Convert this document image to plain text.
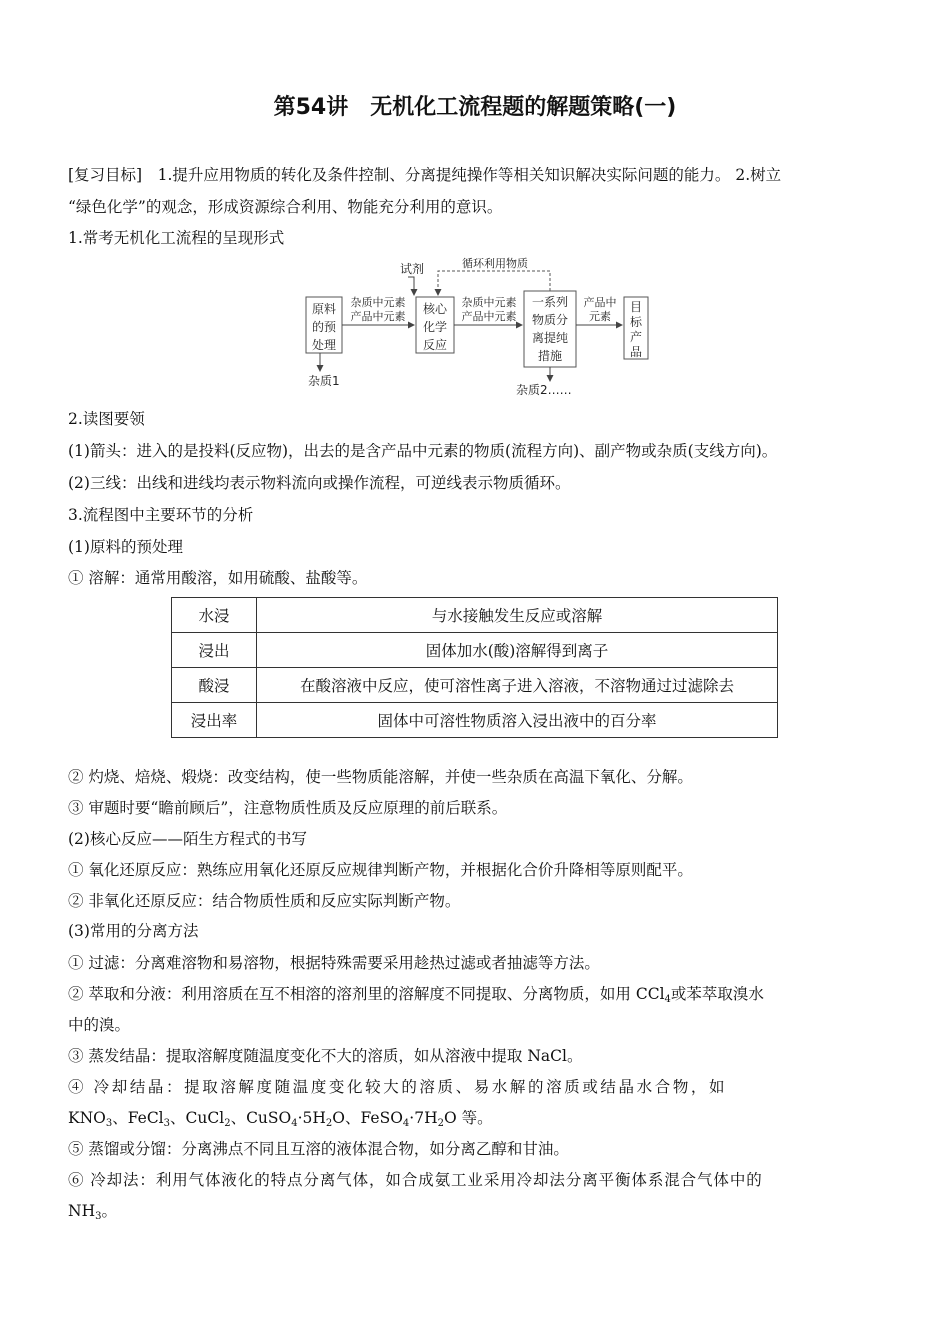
第54讲　无机化工流程题的解题策略(一)
[复习目标]　1.提升应用物质的转化及条件控制、分离提纯操作等相关知识解决实际问题的能力。 2.树立
“绿色化学”的观念，形成资源综合利用、物能充分利用的意识。
1.常考无机化工流程的呈现形式
原料
的预
处理
核心
化学
反应
一系列
物质分
离提纯
措施
目
标
产
品
杂质中元素
产品中元素
杂质中元素
产品中元素
产品中
元素
试剂	循环利用物质
杂质1
杂质2……
2.读图要领
(1)箭头：进入的是投料(反应物)，出去的是含产品中元素的物质(流程方向)、副产物或杂质(支线方向)。
(2)三线：出线和进线均表示物料流向或操作流程，可逆线表示物质循环。
3.流程图中主要环节的分析
(1)原料的预处理
① 溶解：通常用酸溶，如用硫酸、盐酸等。
水浸	与水接触发生反应或溶解
浸出	固体加水(酸)溶解得到离子
酸浸	在酸溶液中反应，使可溶性离子进入溶液，不溶物通过过滤除去
浸出率	固体中可溶性物质溶入浸出液中的百分率
② 灼烧、焙烧、煅烧：改变结构，使一些物质能溶解，并使一些杂质在高温下氧化、分解。
③ 审题时要“瞻前顾后”，注意物质性质及反应原理的前后联系。
(2)核心反应——陌生方程式的书写
① 氧化还原反应：熟练应用氧化还原反应规律判断产物，并根据化合价升降相等原则配平。
② 非氧化还原反应：结合物质性质和反应实际判断产物。
(3)常用的分离方法
① 过滤：分离难溶物和易溶物，根据特殊需要采用趁热过滤或者抽滤等方法。
② 萃取和分液：利用溶质在互不相溶的溶剂里的溶解度不同提取、分离物质，如用 CCl$_4$或苯萃取溴水
中的溴。
③ 蒸发结晶：提取溶解度随温度变化不大的溶质，如从溶液中提取 NaCl。
④ 冷却结晶：提取溶解度随温度变化较大的溶质、易水解的溶质或结晶水合物，如
$KNO_3$、FeCl$_3$、CuCl$_2$、$CuSO_4\cdot 5H_2O$、$FeSO_4\cdot 7H_2O$ 等。
⑤ 蒸馏或分馏：分离沸点不同且互溶的液体混合物，如分离乙醇和甘油。
⑥ 冷却法：利用气体液化的特点分离气体，如合成氨工业采用冷却法分离平衡体系混合气体中的
$NH_3$。
